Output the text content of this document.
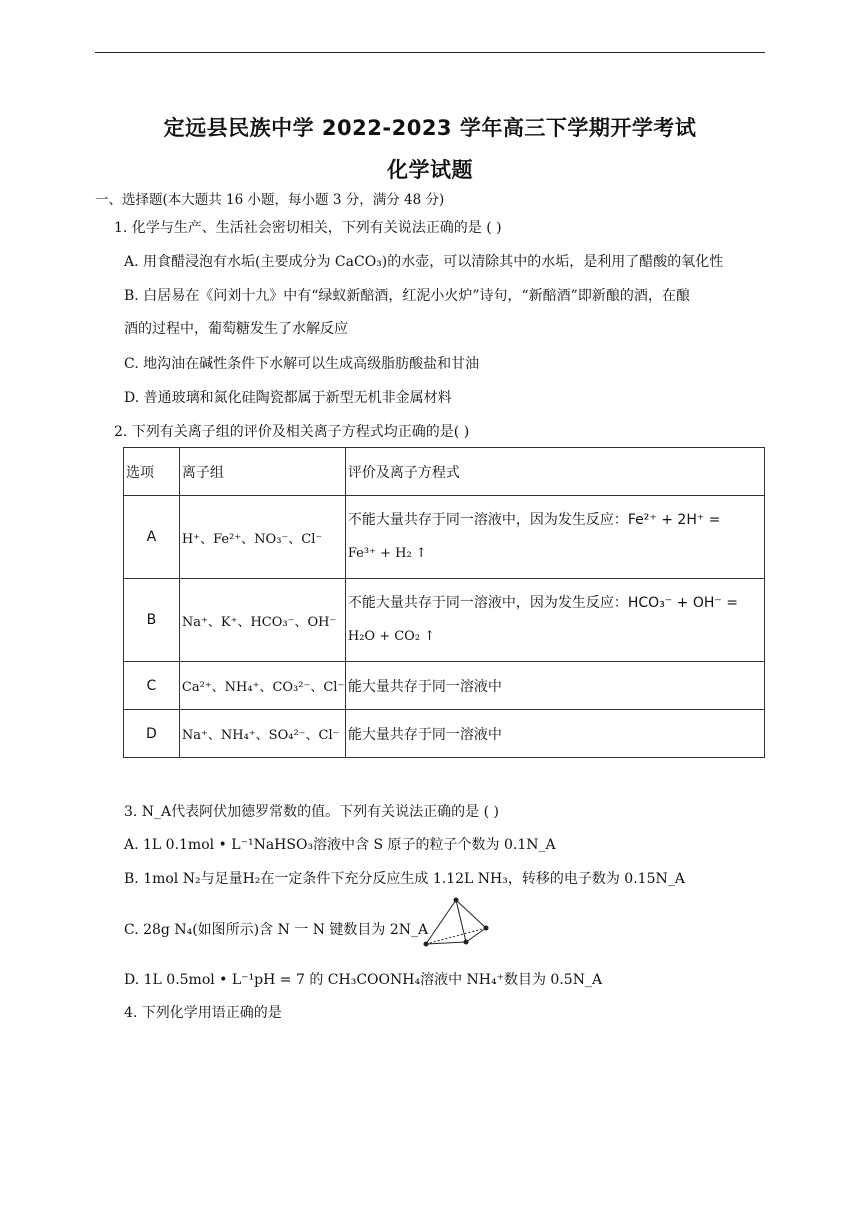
定远县民族中学 2022-2023 学年高三下学期开学考试
化学试题
一、选择题(本大题共 16 小题，每小题 3 分，满分 48 分)
1. 化学与生产、生活社会密切相关，下列有关说法正确的是 ( )
A. 用食醋浸泡有水垢(主要成分为 CaCO₃)的水壶，可以清除其中的水垢，是利用了醋酸的氧化性
B. 白居易在《问刘十九》中有“绿蚁新醅酒，红泥小火炉”诗句，“新醅酒”即新酿的酒，在酿
酒的过程中，葡萄糖发生了水解反应
C. 地沟油在碱性条件下水解可以生成高级脂肪酸盐和甘油
D. 普通玻璃和氮化硅陶瓷都属于新型无机非金属材料
2. 下列有关离子组的评价及相关离子方程式均正确的是( )
选项	离子组	评价及离子方程式
A	H⁺、Fe²⁺、NO₃⁻、Cl⁻	不能大量共存于同一溶液中，因为发生反应：Fe²⁺ + 2H⁺ =
Fe³⁺ + H₂ ↑

B	Na⁺、K⁺、HCO₃⁻、OH⁻	不能大量共存于同一溶液中，因为发生反应：HCO₃⁻ + OH⁻ =
H₂O + CO₂ ↑

C	Ca²⁺、NH₄⁺、CO₃²⁻、Cl⁻	能大量共存于同一溶液中
D	Na⁺、NH₄⁺、SO₄²⁻、Cl⁻	能大量共存于同一溶液中
3. N_A代表阿伏加德罗常数的值。下列有关说法正确的是 ( )
A. 1L 0.1mol • L⁻¹NaHSO₃溶液中含 S 原子的粒子个数为 0.1N_A
B. 1mol N₂与足量H₂在一定条件下充分反应生成 1.12L NH₃，转移的电子数为 0.15N_A
C. 28g N₄(如图所示)含 N 一 N 键数目为 2N_A
D. 1L 0.5mol • L⁻¹pH = 7 的 CH₃COONH₄溶液中 NH₄⁺数目为 0.5N_A
4. 下列化学用语正确的是
